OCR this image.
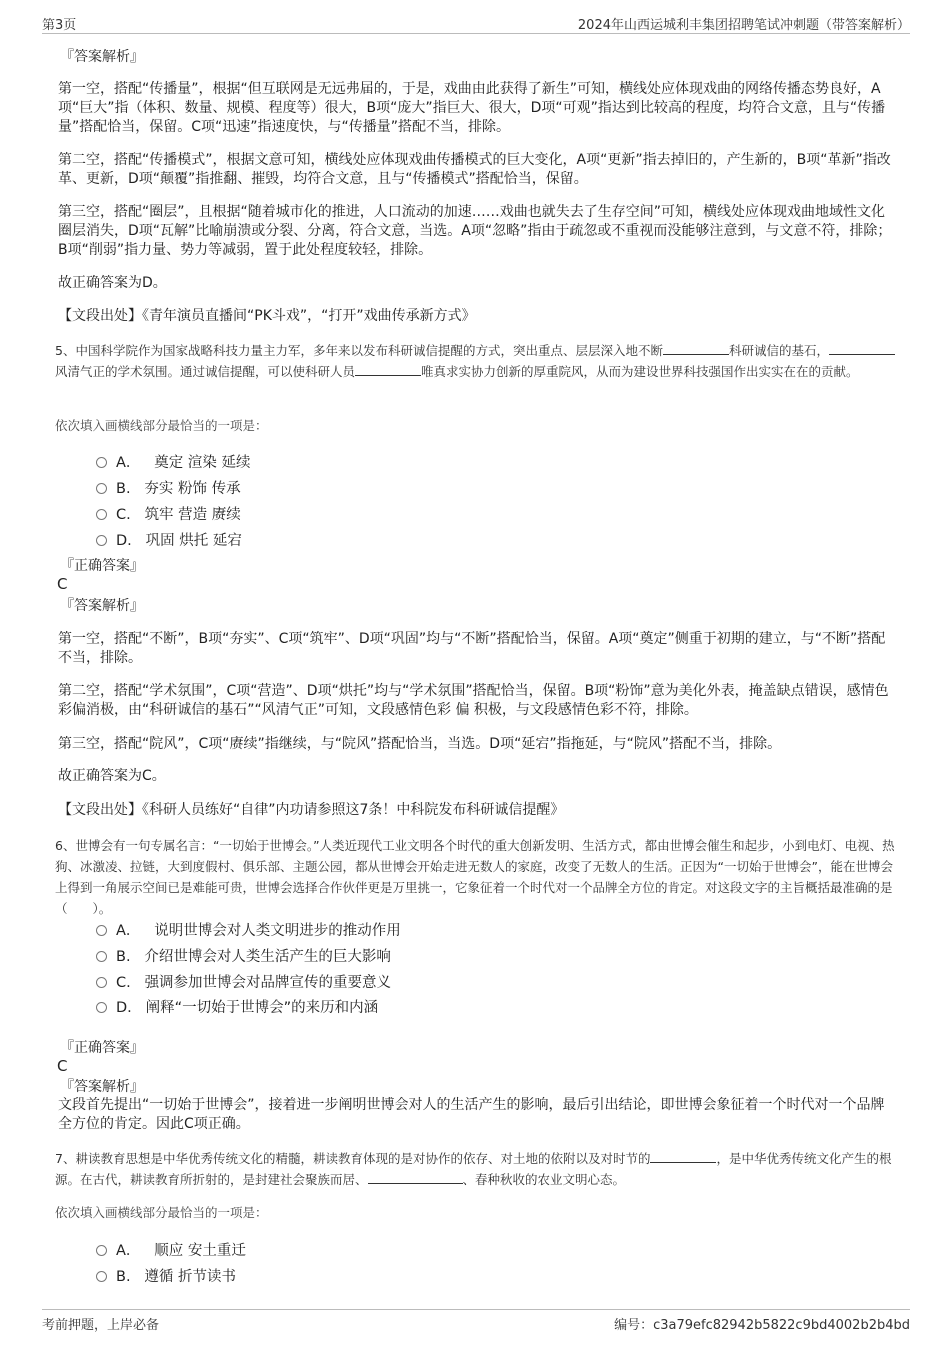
第3页	2024年山西运城利丰集团招聘笔试冲刺题（带答案解析）
『答案解析』
第一空，搭配“传播量”，根据“但互联网是无远弗届的，于是，戏曲由此获得了新生”可知，横线处应体现戏曲的网络传播态势良好，A项“巨大”指（体积、数量、规模、程度等）很大，B项“庞大”指巨大、很大，D项“可观”指达到比较高的程度，均符合文意，且与“传播量”搭配恰当，保留。C项“迅速”指速度快，与“传播量”搭配不当，排除。
第二空，搭配“传播模式”，根据文意可知，横线处应体现戏曲传播模式的巨大变化，A项“更新”指去掉旧的，产生新的，B项“革新”指改革、更新，D项“颠覆”指推翻、摧毁，均符合文意，且与“传播模式”搭配恰当，保留。
第三空，搭配“圈层”，且根据“随着城市化的推进，人口流动的加速……戏曲也就失去了生存空间”可知，横线处应体现戏曲地域性文化圈层消失，D项“瓦解”比喻崩溃或分裂、分离，符合文意，当选。A项“忽略”指由于疏忽或不重视而没能够注意到，与文意不符，排除；B项“削弱”指力量、势力等减弱，置于此处程度较轻，排除。
故正确答案为D。
【文段出处】《青年演员直播间“PK斗戏”，“打开”戏曲传承新方式》
5、中国科学院作为国家战略科技力量主力军，多年来以发布科研诚信提醒的方式，突出重点、层层深入地不断	科研诚信的基石，风清气正的学术氛围。通过诚信提醒，可以使科研人员	唯真求实协力创新的厚重院风，从而为建设世界科技强国作出实实在在的贡献。
依次填入画横线部分最恰当的一项是：
A． 奠定 渲染 延续
B. 夯实 粉饰 传承
C. 筑牢 营造 赓续
D. 巩固 烘托 延宕
『正确答案』
C
『答案解析』
第一空，搭配“不断”，B项“夯实”、C项“筑牢”、D项“巩固”均与“不断”搭配恰当，保留。A项“奠定”侧重于初期的建立，与“不断”搭配不当，排除。
第二空，搭配“学术氛围”，C项“营造”、D项“烘托”均与“学术氛围”搭配恰当，保留。B项“粉饰”意为美化外表，掩盖缺点错误，感情色彩偏消极，由“科研诚信的基石”“风清气正”可知，文段感情色彩 偏 积极，与文段感情色彩不符，排除。
第三空，搭配“院风”，C项“赓续”指继续，与“院风”搭配恰当，当选。D项“延宕”指拖延，与“院风”搭配不当，排除。
故正确答案为C。
【文段出处】《科研人员练好“自律”内功请参照这7条！中科院发布科研诚信提醒》
6、世博会有一句专属名言：“一切始于世博会。”人类近现代工业文明各个时代的重大创新发明、生活方式，都由世博会催生和起步，小到电灯、电视、热狗、冰激凌、拉链，大到度假村、俱乐部、主题公园，都从世博会开始走进无数人的家庭，改变了无数人的生活。正因为“一切始于世博会”，能在世博会上得到一角展示空间已是难能可贵，世博会选择合作伙伴更是万里挑一，它象征着一个时代对一个品牌全方位的肯定。对这段文字的主旨概括最准确的是（　　）。
A． 说明世博会对人类文明进步的推动作用
B. 介绍世博会对人类生活产生的巨大影响
C. 强调参加世博会对品牌宣传的重要意义
D. 阐释“一切始于世博会”的来历和内涵
『正确答案』
C
『答案解析』
文段首先提出“一切始于世博会”，接着进一步阐明世博会对人的生活产生的影响，最后引出结论，即世博会象征着一个时代对一个品牌全方位的肯定。因此C项正确。
7、耕读教育思想是中华优秀传统文化的精髓，耕读教育体现的是对协作的依存、对土地的依附以及对时节的	，是中华优秀传统文化产生的根源。在古代，耕读教育所折射的，是封建社会聚族而居、	、春种秋收的农业文明心态。
依次填入画横线部分最恰当的一项是：
A． 顺应 安土重迁
B. 遵循 折节读书
考前押题，上岸必备	编号：c3a79efc82942b5822c9bd4002b2b4bd
